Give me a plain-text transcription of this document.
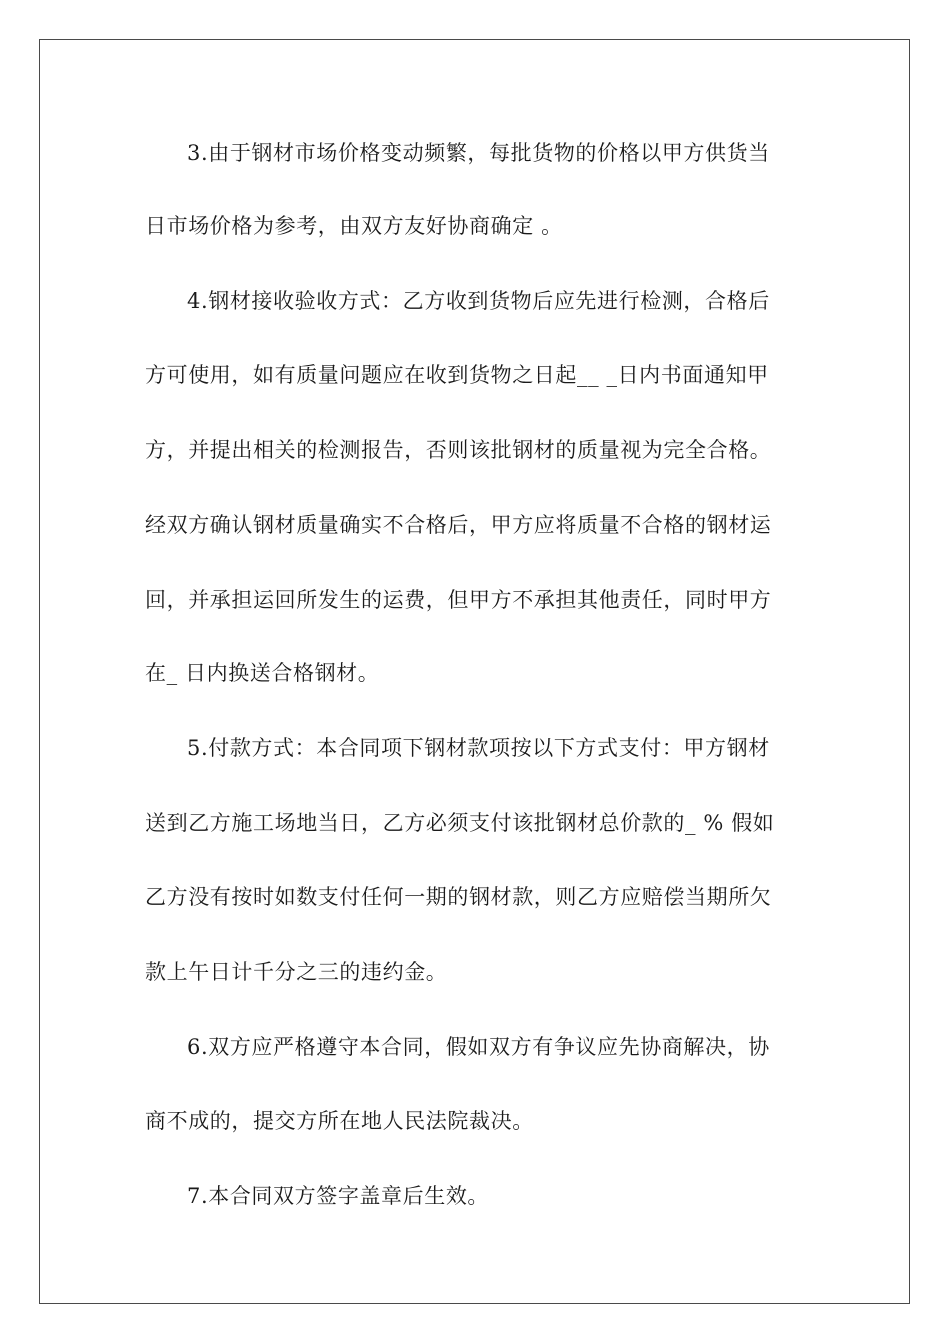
3.由于钢材市场价格变动频繁，每批货物的价格以甲方供货当
日市场价格为参考，由双方友好协商确定 。
4.钢材接收验收方式：乙方收到货物后应先进行检测，合格后
方可使用，如有质量问题应在收到货物之日起__ _日内书面通知甲
方，并提出相关的检测报告，否则该批钢材的质量视为完全合格。
经双方确认钢材质量确实不合格后，甲方应将质量不合格的钢材运
回，并承担运回所发生的运费，但甲方不承担其他责任，同时甲方
在_ 日内换送合格钢材。
5.付款方式：本合同项下钢材款项按以下方式支付：甲方钢材
送到乙方施工场地当日，乙方必须支付该批钢材总价款的_ % 假如
乙方没有按时如数支付任何一期的钢材款，则乙方应赔偿当期所欠
款上午日计千分之三的违约金。
6.双方应严格遵守本合同，假如双方有争议应先协商解决，协
商不成的，提交方所在地人民法院裁决。
7.本合同双方签字盖章后生效。
